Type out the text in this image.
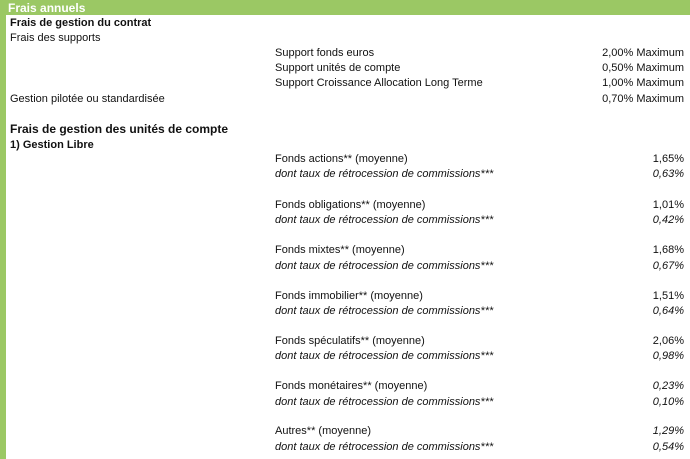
Frais annuels
Frais de gestion du contrat
Frais des supports
Support fonds euros	2,00% Maximum
Support unités de compte	0,50% Maximum
Support Croissance Allocation Long Terme	1,00% Maximum
Gestion pilotée ou standardisée	0,70% Maximum
Frais de gestion des unités de compte
1) Gestion Libre
Fonds actions** (moyenne)	1,65%
dont taux de rétrocession de commissions***	0,63%
Fonds obligations** (moyenne)	1,01%
dont taux de rétrocession de commissions***	0,42%
Fonds mixtes** (moyenne)	1,68%
dont taux de rétrocession de commissions***	0,67%
Fonds immobilier** (moyenne)	1,51%
dont taux de rétrocession de commissions***	0,64%
Fonds spéculatifs** (moyenne)	2,06%
dont taux de rétrocession de commissions***	0,98%
Fonds monétaires** (moyenne)	0,23%
dont taux de rétrocession de commissions***	0,10%
Autres** (moyenne)	1,29%
dont taux de rétrocession de commissions***	0,54%
